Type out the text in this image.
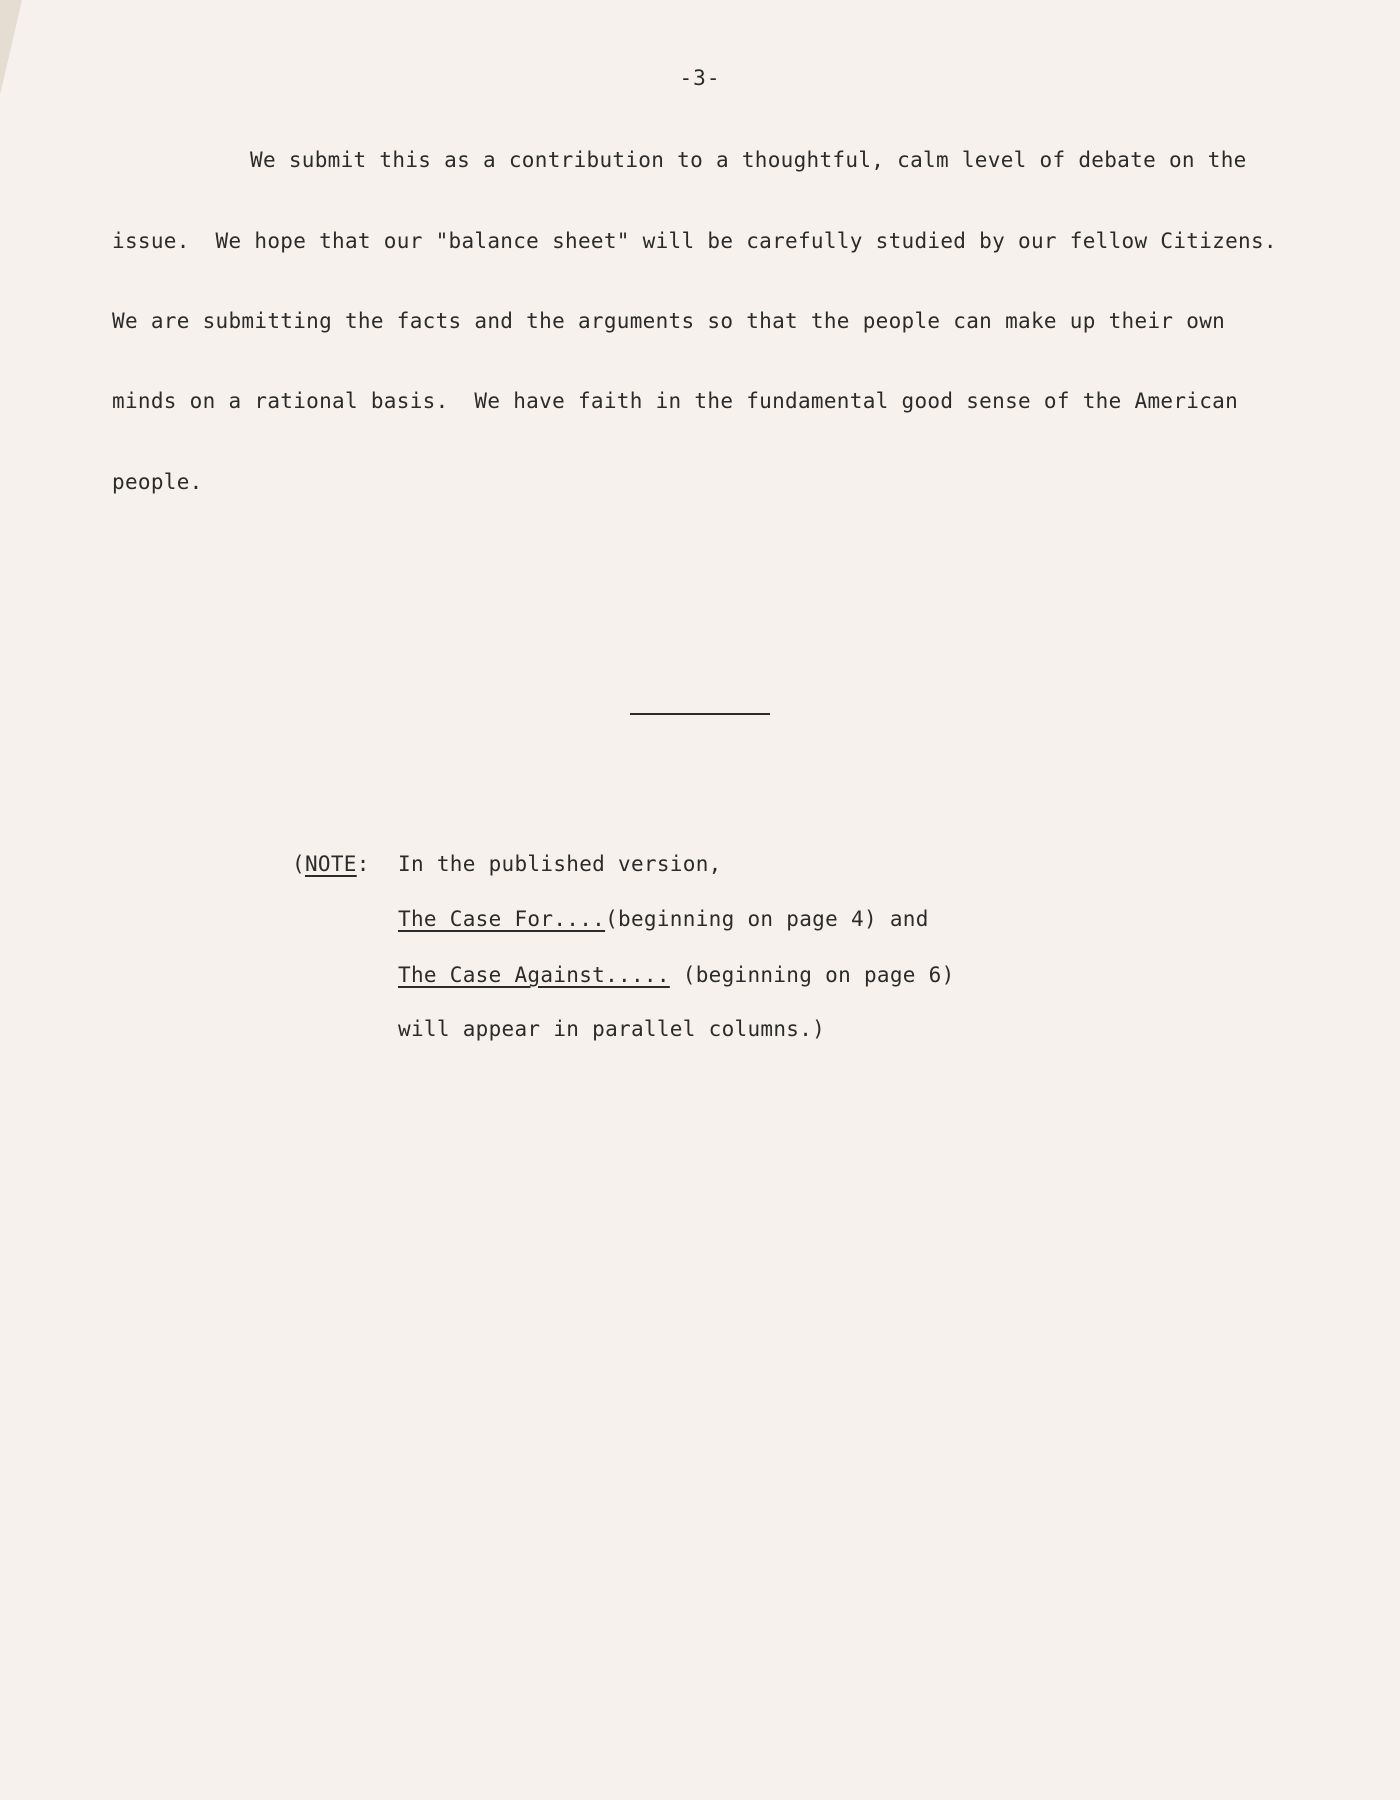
-3-
We submit this as a contribution to a thoughtful, calm level of debate on the
issue.  We hope that our "balance sheet" will be carefully studied by our fellow Citizens.
We are submitting the facts and the arguments so that the people can make up their own
minds on a rational basis.  We have faith in the fundamental good sense of the American
people.
(NOTE: In the published version,
The Case For....(beginning on page 4) and
The Case Against..... (beginning on page 6)
will appear in parallel columns.)
